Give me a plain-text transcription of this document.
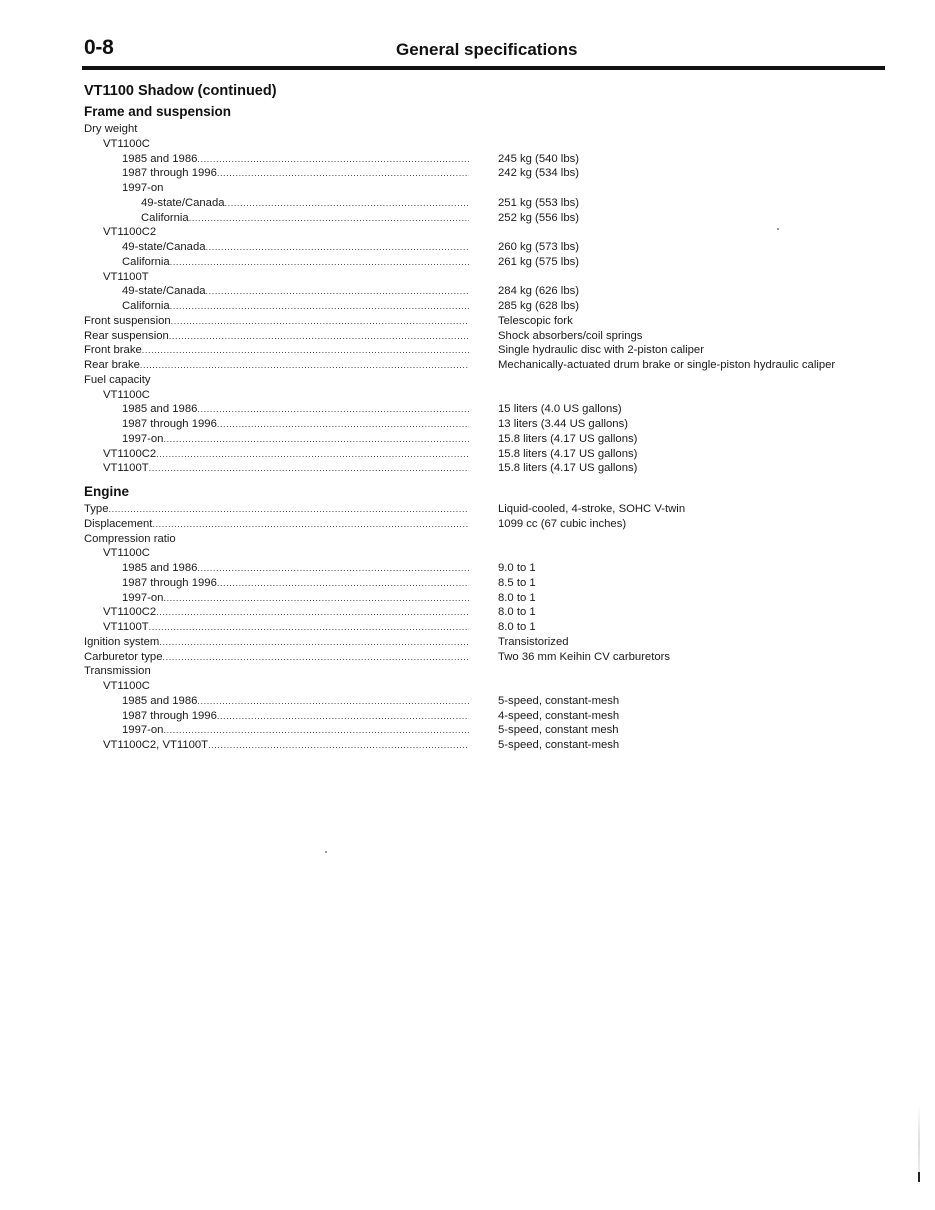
0-8	General specifications
VT1100 Shadow (continued)
Frame and suspension
Dry weight
VT1100C
1985 and 1986 .....	245 kg (540 lbs)
1987 through 1996 .....	242 kg (534 lbs)
1997-on
49-state/Canada .....	251 kg (553 lbs)
California .....	252 kg (556 lbs)
VT1100C2
49-state/Canada .....	260 kg (573 lbs)
California .....	261 kg (575 lbs)
VT1100T
49-state/Canada .....	284 kg (626 lbs)
California .....	285 kg (628 lbs)
Front suspension .....	Telescopic fork
Rear suspension .....	Shock absorbers/coil springs
Front brake .....	Single hydraulic disc with 2-piston caliper
Rear brake .....	Mechanically-actuated drum brake or single-piston hydraulic caliper
Fuel capacity
VT1100C
1985 and 1986 .....	15 liters (4.0 US gallons)
1987 through 1996 .....	13 liters (3.44 US gallons)
1997-on .....	15.8 liters (4.17 US gallons)
VT1100C2 .....	15.8 liters (4.17 US gallons)
VT1100T .....	15.8 liters (4.17 US gallons)
Engine
Type .....	Liquid-cooled, 4-stroke, SOHC V-twin
Displacement .....	1099 cc (67 cubic inches)
Compression ratio
VT1100C
1985 and 1986 .....	9.0 to 1
1987 through 1996 .....	8.5 to 1
1997-on .....	8.0 to 1
VT1100C2 .....	8.0 to 1
VT1100T .....	8.0 to 1
Ignition system .....	Transistorized
Carburetor type .....	Two 36 mm Keihin CV carburetors
Transmission
VT1100C
1985 and 1986 .....	5-speed, constant-mesh
1987 through 1996 .....	4-speed, constant-mesh
1997-on .....	5-speed, constant mesh
VT1100C2, VT1100T .....	5-speed, constant-mesh
